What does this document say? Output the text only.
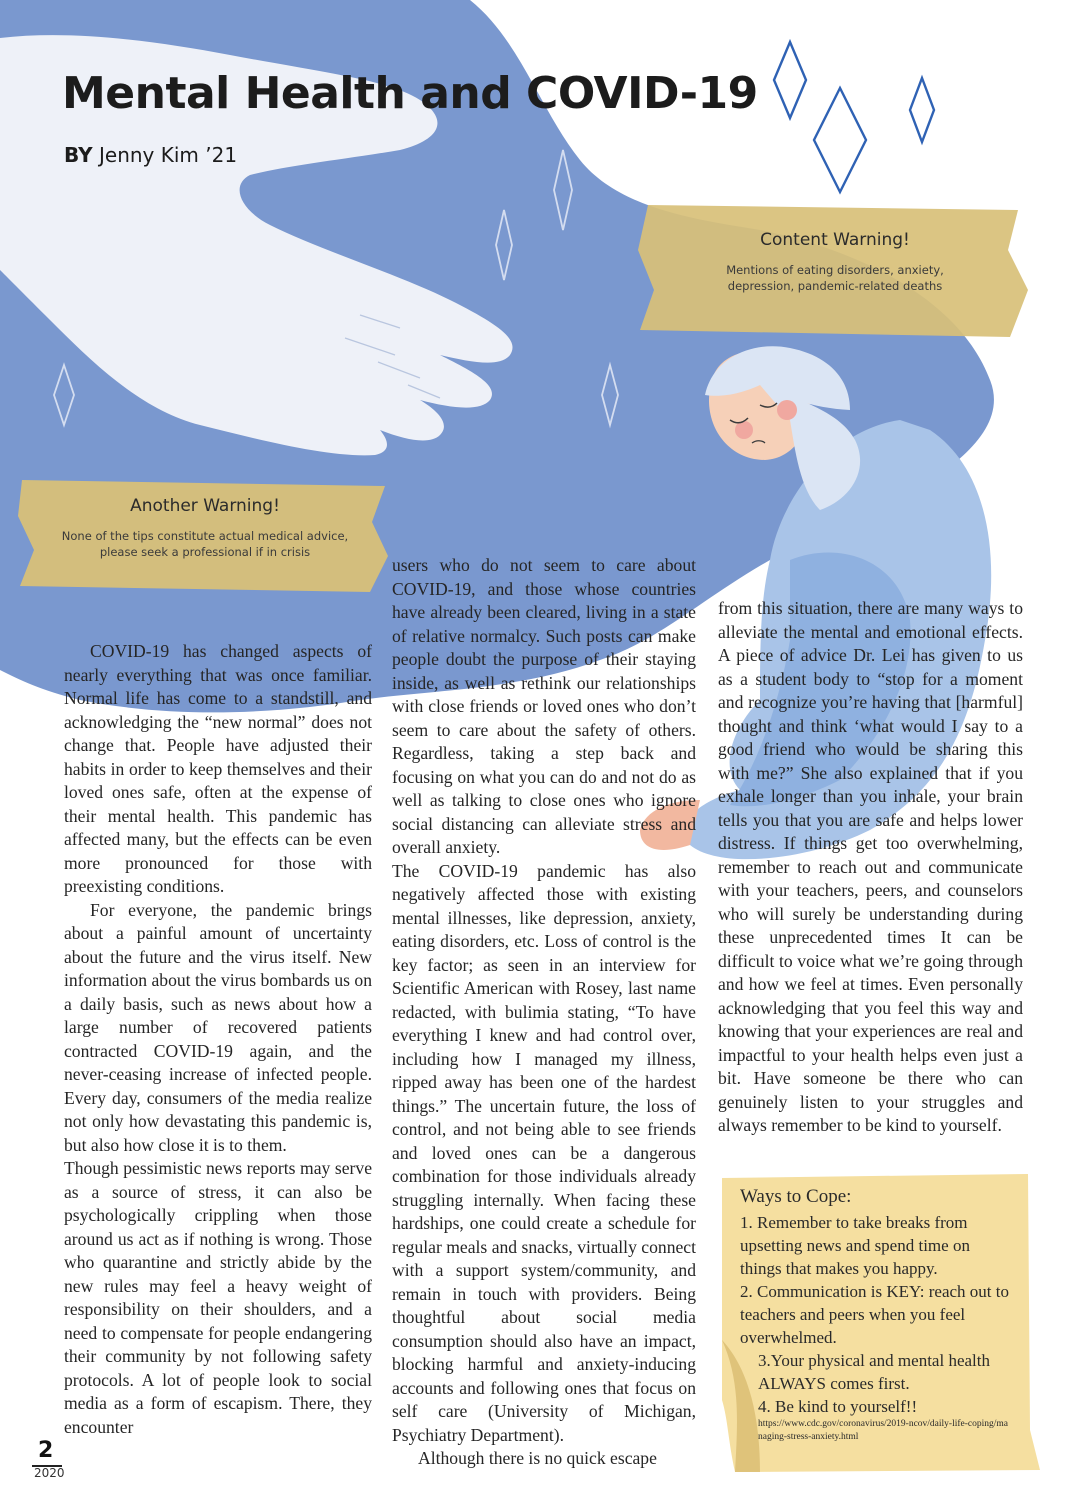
Mental Health and COVID-19
BY Jenny Kim ’21
Content Warning!
Mentions of eating disorders, anxiety, depression, pandemic-related deaths
Another Warning!
None of the tips constitute actual medical advice, please seek a professional if in crisis

COVID-19 has changed aspects of nearly everything that was once familiar. Normal life has come to a standstill, and acknowledging the “new normal” does not change that. People have adjusted their habits in order to keep themselves and their loved ones safe, often at the expense of their mental health. This pandemic has affected many, but the effects can be even more pronounced for those with preexisting conditions.

For everyone, the pandemic brings about a painful amount of uncertainty about the future and the virus itself. New information about the virus bombards us on a daily basis, such as news about how a large number of recovered patients contracted COVID-19 again, and the never-ceasing increase of infected people. Every day, consumers of the media realize not only how devastating this pandemic is, but also how close it is to them.

Though pessimistic news reports may serve as a source of stress, it can also be psychologically crippling when those around us act as if nothing is wrong. Those who quarantine and strictly abide by the new rules may feel a heavy weight of responsibility on their shoulders, and a need to compensate for people endangering their community by not following safety protocols. A lot of people look to social media as a form of escapism. There, they encounter

users who do not seem to care about COVID-19, and those whose countries have already been cleared, living in a state of relative normalcy. Such posts can make people doubt the purpose of their staying inside, as well as rethink our relationships with close friends or loved ones who don’t seem to care about the safety of others. Regardless, taking a step back and focusing on what you can do and not do as well as talking to close ones who ignore social distancing can alleviate stress and overall anxiety.

The COVID-19 pandemic has also negatively affected those with existing mental illnesses, like depression, anxiety, eating disorders, etc. Loss of control is the key factor; as seen in an interview for Scientific American with Rosey, last name redacted, with bulimia stating, “To have everything I knew and had control over, including how I managed my illness, ripped away has been one of the hardest things.” The uncertain future, the loss of control, and not being able to see friends and loved ones can be a dangerous combination for those individuals already struggling internally. When facing these hardships, one could create a schedule for regular meals and snacks, virtually connect with a support system/community, and remain in touch with providers. Being thoughtful about social media consumption should also have an impact, blocking harmful and anxiety-inducing accounts and following ones that focus on self care (University of Michigan, Psychiatry Department).

Although there is no quick escape

from this situation, there are many ways to alleviate the mental and emotional effects. A piece of advice Dr. Lei has given to us as a student body to “stop for a moment and recognize you’re having that [harmful] thought and think ‘what would I say to a good friend who would be sharing this with me?” She also explained that if you exhale longer than you inhale, your brain tells you that you are safe and helps lower distress. If things get too overwhelming, remember to reach out and communicate with your teachers, peers, and counselors who will surely be understanding during these unprecedented times It can be difficult to voice what we’re going through and how we feel at times. Even personally acknowledging that you feel this way and knowing that your experiences are real and impactful to your health helps even just a bit. Have someone be there who can genuinely listen to your struggles and always remember to be kind to yourself.

Ways to Cope:
1. Remember to take breaks from upsetting news and spend time on things that makes you happy.
2. Communication is KEY: reach out to teachers and peers when you feel overwhelmed.
3.Your physical and mental health ALWAYS comes first.
4. Be kind to yourself!!
https://www.cdc.gov/coronavirus/2019-ncov/daily-life-coping/managing-stress-anxiety.html
2
2020
